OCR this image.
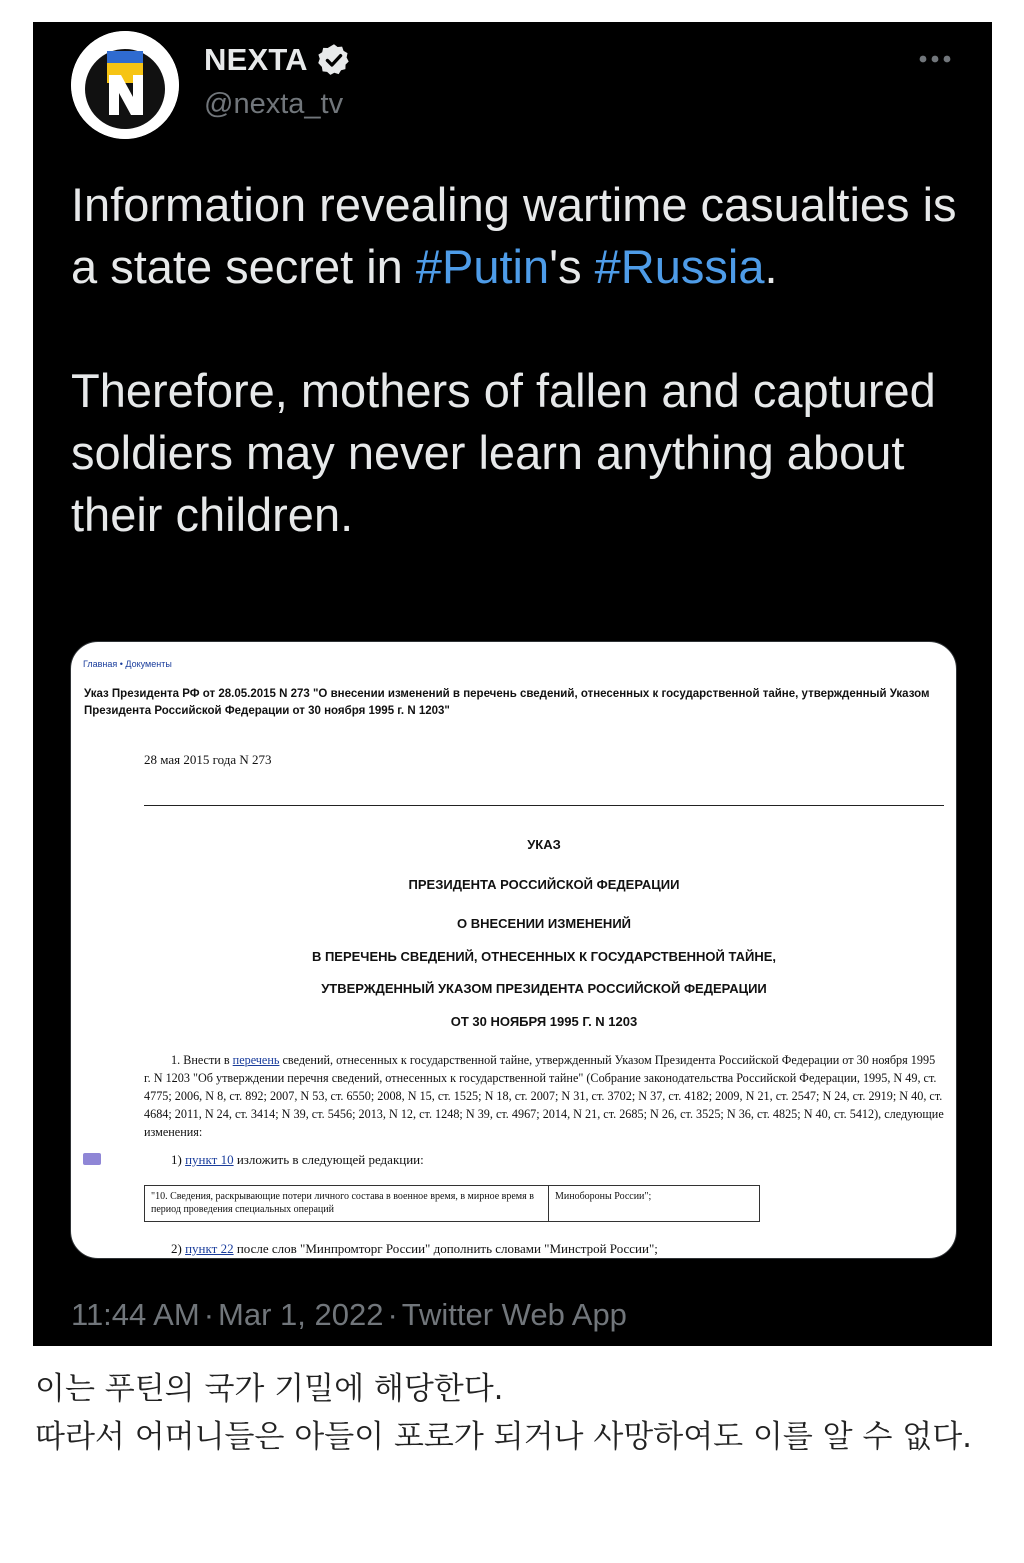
NEXTA
@nexta_tv

Information revealing wartime casualties is a state secret in #Putin's #Russia.

Therefore, mothers of fallen and captured soldiers may never learn anything about their children.

Главная • Документы
Указ Президента РФ от 28.05.2015 N 273 "О внесении изменений в перечень сведений, отнесенных к государственной тайне, утвержденный Указом Президента Российской Федерации от 30 ноября 1995 г. N 1203"
28 мая 2015 года N 273
УКАЗ
ПРЕЗИДЕНТА РОССИЙСКОЙ ФЕДЕРАЦИИ
О ВНЕСЕНИИ ИЗМЕНЕНИЙ
В ПЕРЕЧЕНЬ СВЕДЕНИЙ, ОТНЕСЕННЫХ К ГОСУДАРСТВЕННОЙ ТАЙНЕ,
УТВЕРЖДЕННЫЙ УКАЗОМ ПРЕЗИДЕНТА РОССИЙСКОЙ ФЕДЕРАЦИИ
ОТ 30 НОЯБРЯ 1995 Г. N 1203
1. Внести в перечень сведений, отнесенных к государственной тайне, утвержденный Указом Президента Российской Федерации от 30 ноября 1995 г. N 1203 "Об утверждении перечня сведений, отнесенных к государственной тайне" (Собрание законодательства Российской Федерации, 1995, N 49, ст. 4775; 2006, N 8, ст. 892; 2007, N 53, ст. 6550; 2008, N 15, ст. 1525; N 18, ст. 2007; N 31, ст. 3702; N 37, ст. 4182; 2009, N 21, ст. 2547; N 24, ст. 2919; N 40, ст. 4684; 2011, N 24, ст. 3414; N 39, ст. 5456; 2013, N 12, ст. 1248; N 39, ст. 4967; 2014, N 21, ст. 2685; N 26, ст. 3525; N 36, ст. 4825; N 40, ст. 5412), следующие изменения:
1) пункт 10 изложить в следующей редакции:
"10. Сведения, раскрывающие потери личного состава в военное время, в мирное время в период проведения специальных операций
Минобороны России";
2) пункт 22 после слов "Минпромторг России" дополнить словами "Минстрой России";
11:44 AM · Mar 1, 2022 · Twitter Web App
이는 푸틴의 국가 기밀에 해당한다.
따라서 어머니들은 아들이 포로가 되거나 사망하여도 이를 알 수 없다.
